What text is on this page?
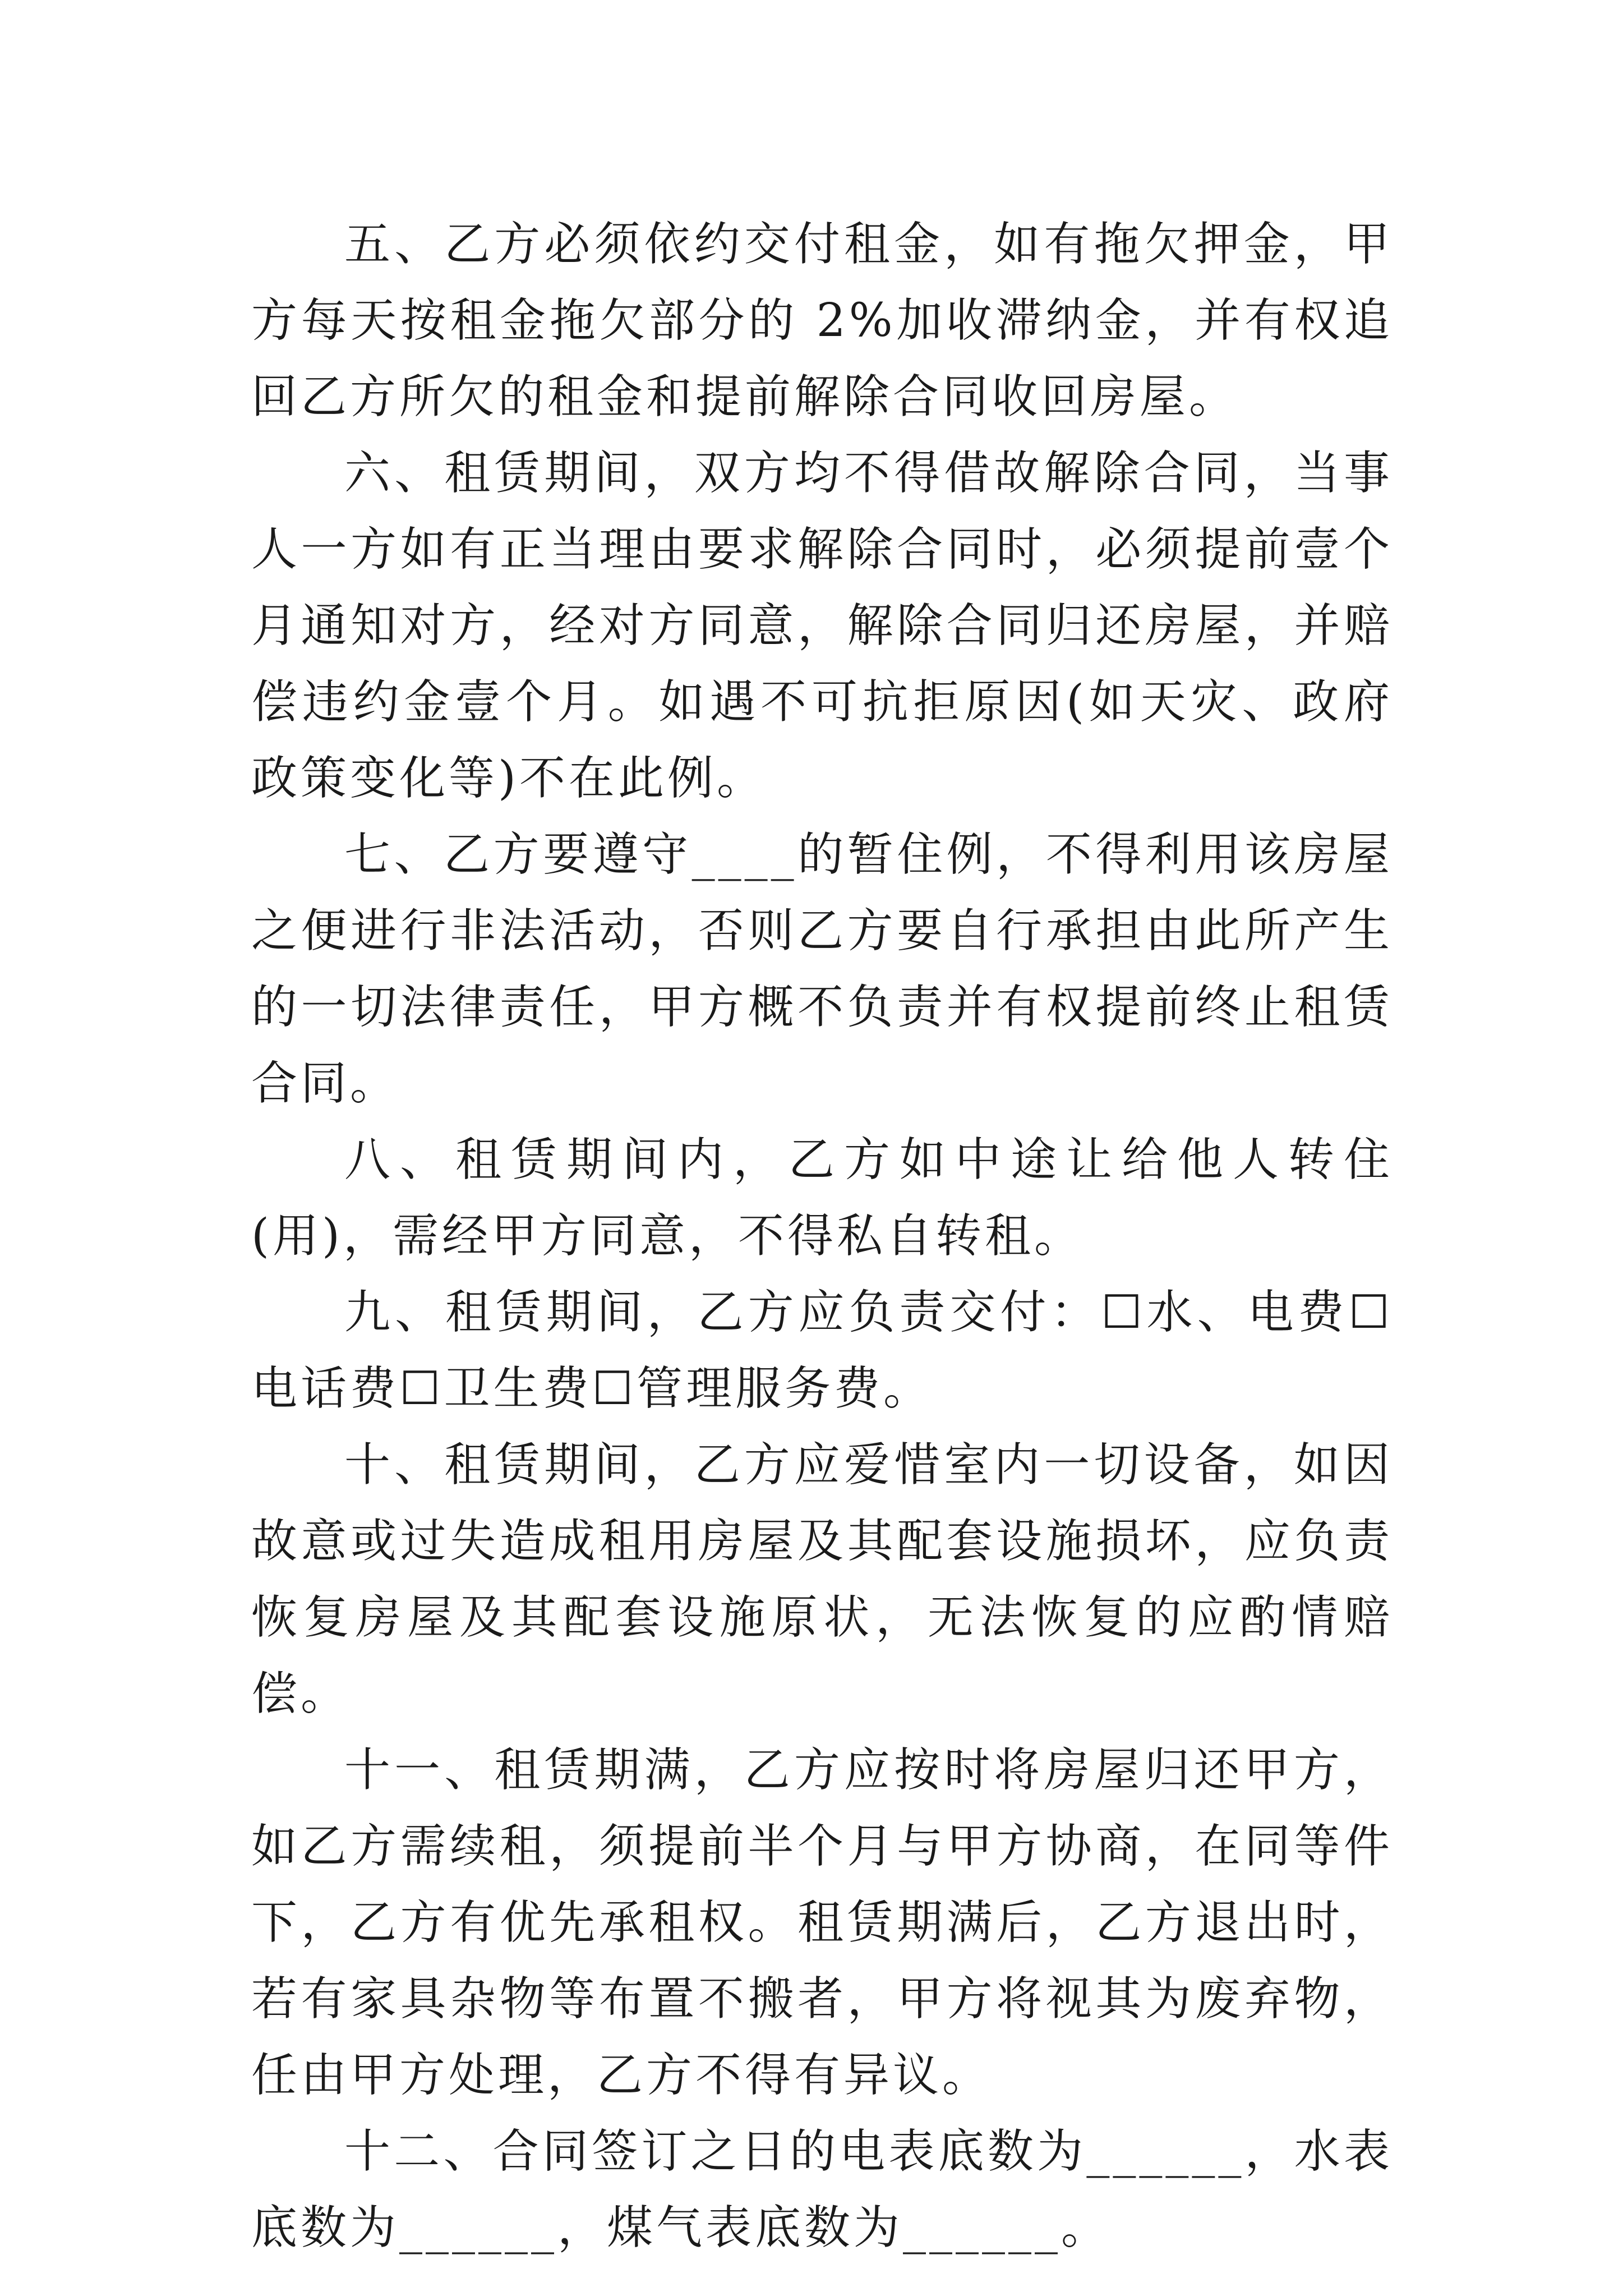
五、乙方必须依约交付租金，如有拖欠押金，甲方每天按租金拖欠部分的 2%加收滞纳金，并有权追回乙方所欠的租金和提前解除合同收回房屋。

六、租赁期间，双方均不得借故解除合同，当事人一方如有正当理由要求解除合同时，必须提前壹个月通知对方，经对方同意，解除合同归还房屋，并赔偿违约金壹个月。如遇不可抗拒原因(如天灾、政府政策变化等)不在此例。

七、乙方要遵守____的暂住例，不得利用该房屋之便进行非法活动，否则乙方要自行承担由此所产生的一切法律责任，甲方概不负责并有权提前终止租赁合同。

八、租赁期间内，乙方如中途让给他人转住(用)，需经甲方同意，不得私自转租。

九、租赁期间，乙方应负责交付：☐水、电费☐电话费☐卫生费☐管理服务费。

十、租赁期间，乙方应爱惜室内一切设备，如因故意或过失造成租用房屋及其配套设施损坏，应负责恢复房屋及其配套设施原状，无法恢复的应酌情赔偿。

十一、租赁期满，乙方应按时将房屋归还甲方，如乙方需续租，须提前半个月与甲方协商，在同等件下，乙方有优先承租权。租赁期满后，乙方退出时，若有家具杂物等布置不搬者，甲方将视其为废弃物，任由甲方处理，乙方不得有异议。

十二、合同签订之日的电表底数为______，水表底数为______，煤气表底数为______。
